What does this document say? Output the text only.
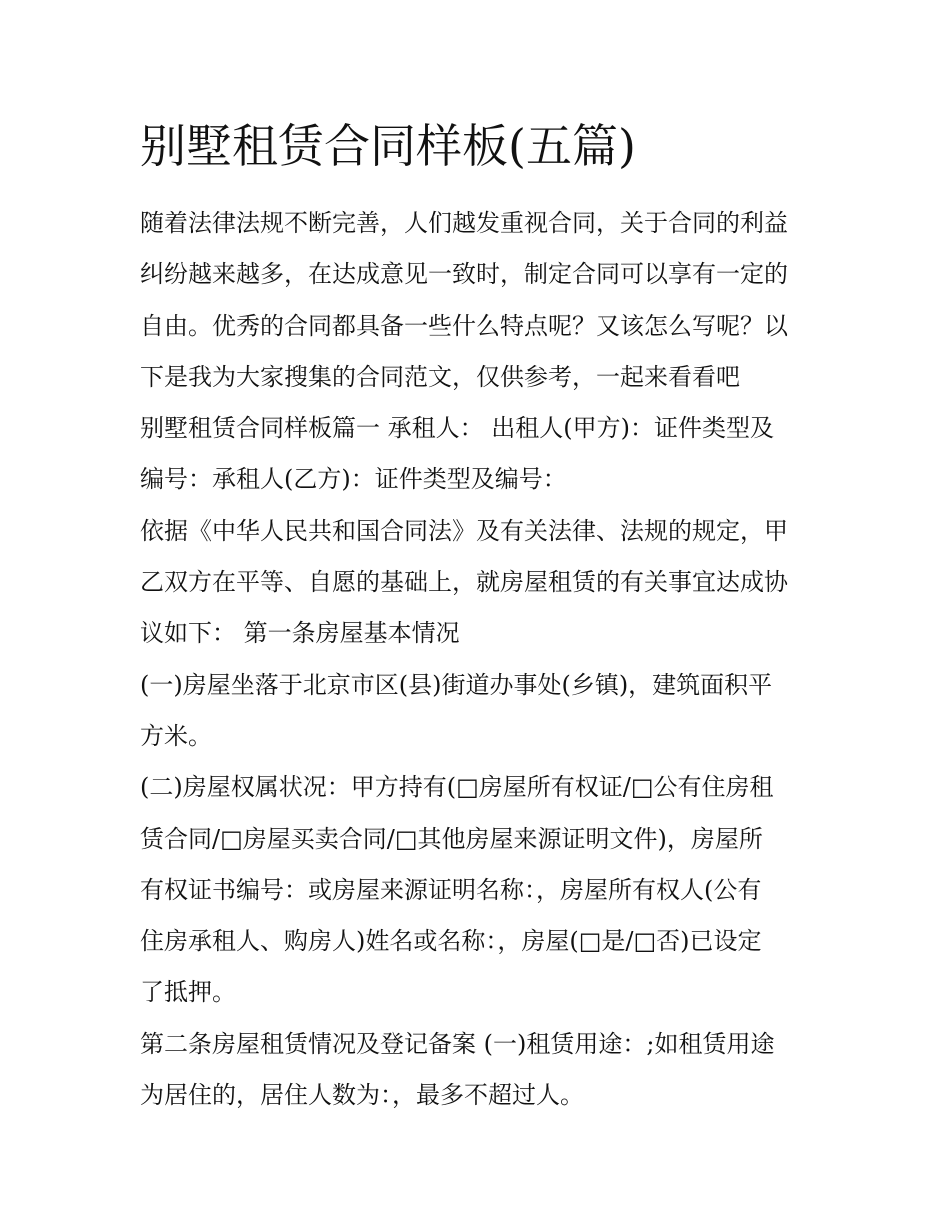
别墅租赁合同样板(五篇)
随着法律法规不断完善，人们越发重视合同，关于合同的利益
纠纷越来越多，在达成意见一致时，制定合同可以享有一定的
自由。优秀的合同都具备一些什么特点呢？又该怎么写呢？以
下是我为大家搜集的合同范文，仅供参考，一起来看看吧
别墅租赁合同样板篇一 承租人： 出租人(甲方)：证件类型及
编号：承租人(乙方)：证件类型及编号：
依据《中华人民共和国合同法》及有关法律、法规的规定，甲
乙双方在平等、自愿的基础上，就房屋租赁的有关事宜达成协
议如下： 第一条房屋基本情况
(一)房屋坐落于北京市区(县)街道办事处(乡镇)，建筑面积平
方米。
(二)房屋权属状况：甲方持有(□房屋所有权证/□公有住房租
赁合同/□房屋买卖合同/□其他房屋来源证明文件)，房屋所
有权证书编号：或房屋来源证明名称：，房屋所有权人(公有
住房承租人、购房人)姓名或名称：，房屋(□是/□否)已设定
了抵押。
第二条房屋租赁情况及登记备案 (一)租赁用途：;如租赁用途
为居住的，居住人数为：，最多不超过人。
